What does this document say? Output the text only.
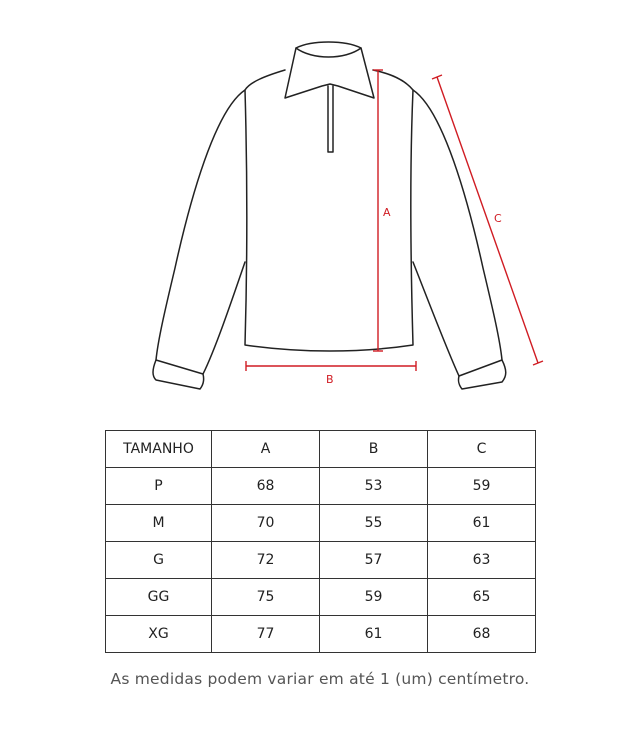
A
B
C
TAMANHO	A	B	C
P	68	53	59
M	70	55	61
G	72	57	63
GG	75	59	65
XG	77	61	68
As medidas podem variar em até 1 (um) centímetro.
